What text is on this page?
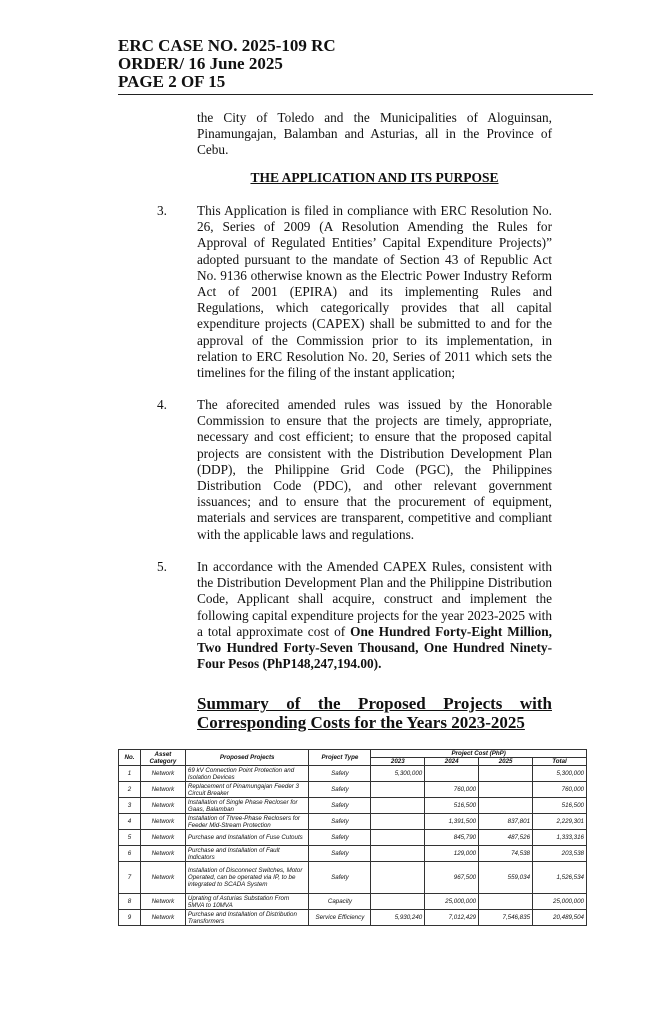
ERC CASE NO. 2025-109 RC
ORDER/ 16 June 2025
PAGE 2 OF 15
the City of Toledo and the Municipalities of Aloguinsan, Pinamungajan, Balamban and Asturias, all in the Province of Cebu.
THE APPLICATION AND ITS PURPOSE
3.	This Application is filed in compliance with ERC Resolution No. 26, Series of 2009 (A Resolution Amending the Rules for Approval of Regulated Entities’ Capital Expenditure Projects)” adopted pursuant to the mandate of Section 43 of Republic Act No. 9136 otherwise known as the Electric Power Industry Reform Act of 2001 (EPIRA) and its implementing Rules and Regulations, which categorically provides that all capital expenditure projects (CAPEX) shall be submitted to and for the approval of the Commission prior to its implementation, in relation to ERC Resolution No. 20, Series of 2011 which sets the timelines for the filing of the instant application;
4.	The aforecited amended rules was issued by the Honorable Commission to ensure that the projects are timely, appropriate, necessary and cost efficient; to ensure that the proposed capital projects are consistent with the Distribution Development Plan (DDP), the Philippine Grid Code (PGC), the Philippines Distribution Code (PDC), and other relevant government issuances; and to ensure that the procurement of equipment, materials and services are transparent, competitive and compliant with the applicable laws and regulations.
5.	In accordance with the Amended CAPEX Rules, consistent with the Distribution Development Plan and the Philippine Distribution Code, Applicant shall acquire, construct and implement the following capital expenditure projects for the year 2023-2025 with a total approximate cost of One Hundred Forty-Eight Million, Two Hundred Forty-Seven Thousand, One Hundred Ninety-Four Pesos (PhP148,247,194.00).
Summary of the Proposed Projects with Corresponding Costs for the Years 2023-2025
No.	Asset Category	Proposed Projects	Project Type	Project Cost (PhP)			
				2023	2024	2025	Total
1	Network	69 kV Connection Point Protection and Isolation Devices	Safety	5,300,000			5,300,000
2	Network	Replacement of Pinamungajan Feeder 3 Circuit Breaker	Safety		760,000		760,000
3	Network	Installation of Single Phase Recloser for Gaas, Balamban	Safety		516,500		516,500
4	Network	Installation of Three-Phase Reclosers for Feeder Mid-Stream Protection	Safety		1,391,500	837,801	2,229,301
5	Network	Purchase and Installation of Fuse Cutouts	Safety		845,790	487,526	1,333,316
6	Network	Purchase and Installation of Fault Indicators	Safety		129,000	74,538	203,538
7	Network	Installation of Disconnect Switches, Motor Operated, can be operated via IP, to be integrated to SCADA System	Safety		967,500	559,034	1,526,534
8	Network	Uprating of Asturias Substation From 5MVA to 10MVA	Capacity		25,000,000		25,000,000
9	Network	Purchase and Installation of Distribution Transformers	Service Efficiency	5,930,240	7,012,429	7,546,835	20,489,504
